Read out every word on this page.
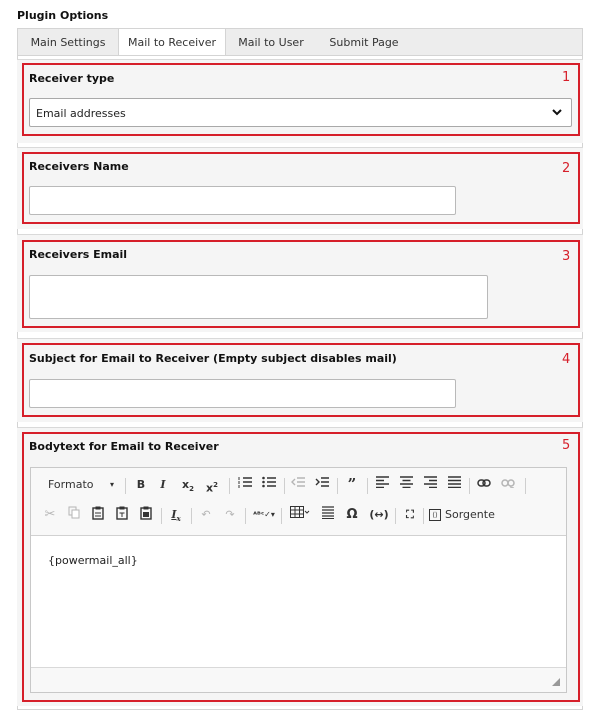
Plugin Options
Main Settings	Mail to Receiver	Mail to User	Submit Page
Receiver type	1
Email addresses
Receivers Name	2
Receivers Email	3
Subject for Email to Receiver (Empty subject disables mail)	4
Bodytext for Email to Receiver	5
Formato ▾	B	I	$x_2$ $x^2$	”
✂	$I_x$	↶	↷	ᴬᴮᶜ✓▾	Ω	(↔)	⛶	⟨⟩ Sorgente
{powermail_all}
